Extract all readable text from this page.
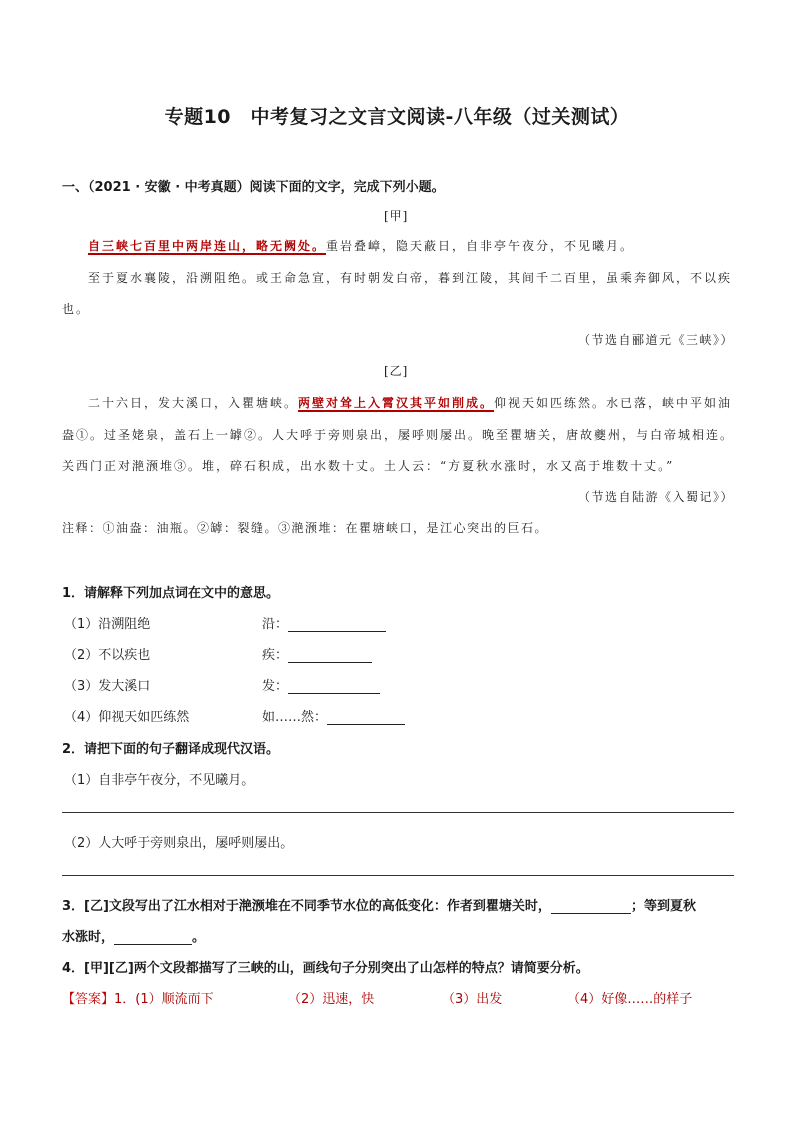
专题10　中考复习之文言文阅读-八年级（过关测试）
一、（2021 · 安徽 · 中考真题）阅读下面的文字，完成下列小题。
[甲]
自三峡七百里中两岸连山，略无阙处。重岩叠嶂，隐天蔽日，自非亭午夜分，不见曦月。
至于夏水襄陵，沿溯阻绝。或王命急宣，有时朝发白帝，暮到江陵，其间千二百里，虽乘奔御风，不以疾
也。
（节选自郦道元《三峡》）
[乙]
二十六日，发大溪口，入瞿塘峡。两壁对耸上入霄汉其平如削成。仰视天如匹练然。水已落，峡中平如油
盎①。过圣姥泉，盖石上一罅②。人大呼于旁则泉出，屡呼则屡出。晚至瞿塘关，唐故夔州，与白帝城相连。
关西门正对滟滪堆③。堆，碎石积成，出水数十丈。土人云：“方夏秋水涨时，水又高于堆数十丈。”
（节选自陆游《入蜀记》）
注释：①油盎：油瓶。②罅：裂缝。③滟滪堆：在瞿塘峡口，是江心突出的巨石。
1．请解释下列加点词在文中的意思。
（1）沿溯阻绝	沿：
（2）不以疾也	疾：
（3）发大溪口	发：
（4）仰视天如匹练然	如……然：
2．请把下面的句子翻译成现代汉语。
（1）自非亭午夜分，不见曦月。
（2）人大呼于旁则泉出，屡呼则屡出。
3．[乙]文段写出了江水相对于滟滪堆在不同季节水位的高低变化：作者到瞿塘关时，	；等到夏秋
水涨时，	。
4．[甲][乙]两个文段都描写了三峡的山，画线句子分别突出了山怎样的特点？请简要分析。
【答案】1．(1）顺流而下	（2）迅速，快	（3）出发	（4）好像……的样子
